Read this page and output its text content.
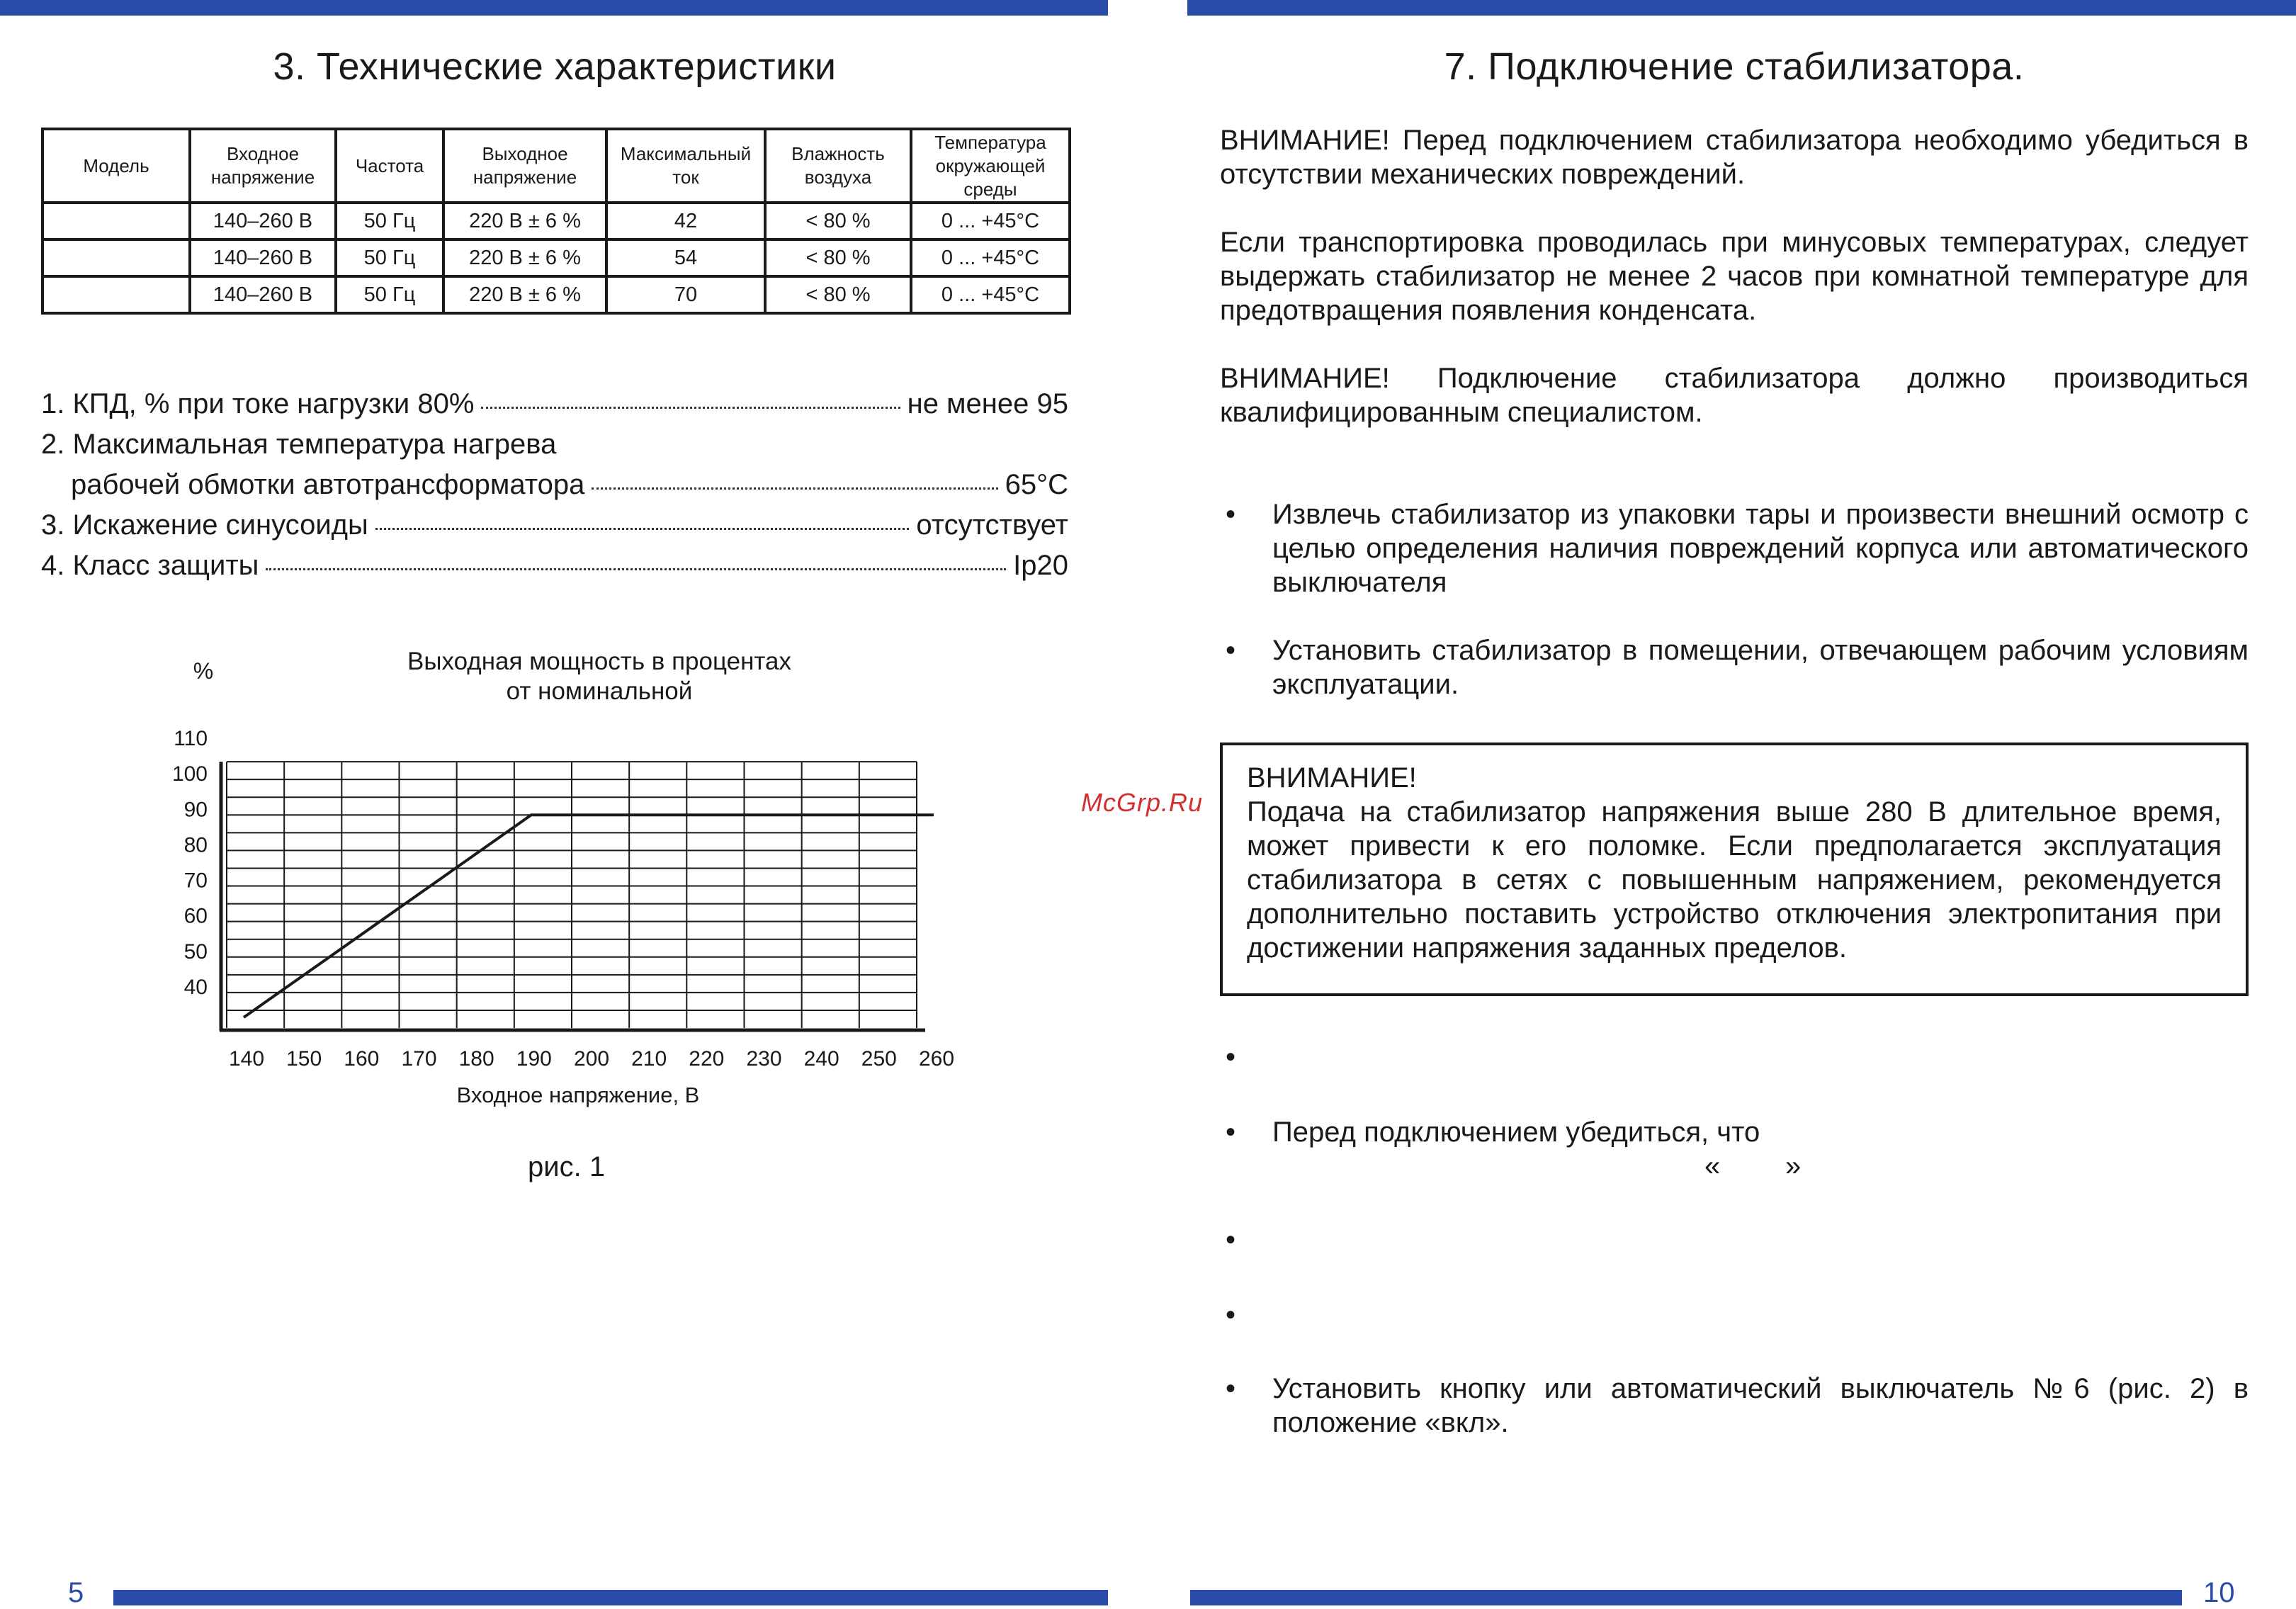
3. Технические характеристики
Модель	Входное напряжение	Частота	Выходное напряжение	Максимальный ток	Влажность воздуха	Температура окружающей среды
	140–260 В	50 Гц	220 В ± 6 %	42	< 80 %	0 ... +45°С
	140–260 В	50 Гц	220 В ± 6 %	54	< 80 %	0 ... +45°С
	140–260 В	50 Гц	220 В ± 6 %	70	< 80 %	0 ... +45°С
1. КПД, % при токе нагрузки 80%	не менее 95
2. Максимальная температура нагрева
рабочей обмотки автотрансформатора	65°С
3. Искажение синусоиды	отсутствует
4. Класс защиты	Ip20
Выходная мощность в процентах
от номинальной
%
Входное напряжение, В
40
50
60
70
80
90
100
110
140 150 160 170 180 190 200 210 220 230 240 250 260
рис. 1
7. Подключение стабилизатора.

ВНИМАНИЕ! Перед подключением стабилизатора необходимо убедиться в отсутствии механических повреждений.

Если транспортировка проводилась при минусовых температурах, следует выдержать стабилизатор не менее 2 часов при комнатной температуре для предотвращения появления конденсата.

ВНИМАНИЕ! Подключение стабилизатора должно производиться квалифицированным специалистом.

• Извлечь стабилизатор из упаковки тары и произвести внешний осмотр с целью определения наличия повреждений корпуса или автоматического выключателя
• Установить стабилизатор в помещении, отвечающем рабочим условиям эксплуатации.
ВНИМАНИЕ!
Подача на стабилизатор напряжения выше 280 В длительное время, может привести к его поломке. Если предполагается эксплуатация стабилизатора в сетях с повышенным напряжением, рекомендуется дополнительно поставить устройство отключения электропитания при достижении напряжения заданных пределов.
McGrp.Ru
•
• Перед подключением убедиться, что
« »
•
•
• Установить кнопку или автоматический выключатель №6 (рис. 2) в положение «вкл».
5	10
